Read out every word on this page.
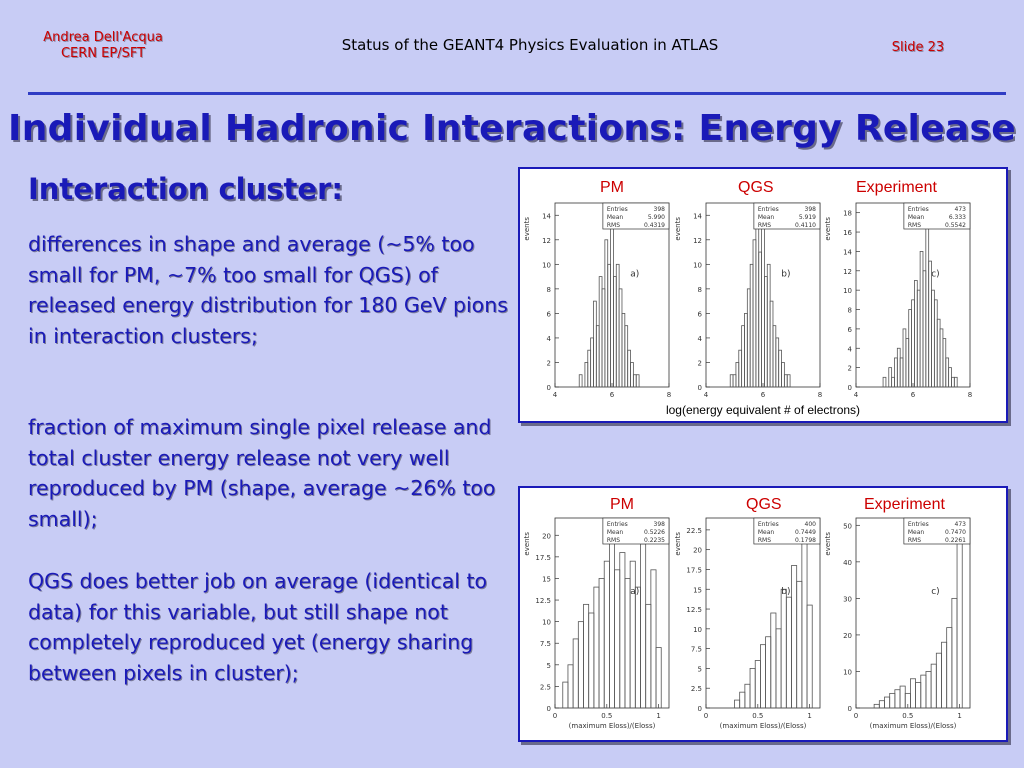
Andrea Dell'Acqua
CERN EP/SFT	Status of the GEANT4 Physics Evaluation in ATLAS	Slide 23
Individual Hadronic Interactions: Energy Release
Interaction cluster:
differences in shape and average (~5% too small for PM, ~7% too small for QGS) of released energy distribution for 180 GeV pions in interaction clusters;
fraction of maximum single pixel release and total cluster energy release not very well reproduced by PM (shape, average ~26% too small);
QGS does better job on average (identical to data) for this variable, but still shape not completely reproduced yet (energy sharing between pixels in cluster);
0
2
4
6
8
10
12
14
4	6	8
events
Entries	398
Mean	5.990
RMS	0.4319
a)
0
2
4
6
8
10
12
14
4	6	8
events
Entries	398
Mean	5.919
RMS	0.4110
b)
0
2
4
6
8
10
12
14
16
18
4	6	8
events
Entries	473
Mean	6.333
RMS	0.5542
c)
PM	QGS	Experiment
log(energy equivalent # of electrons)
0
2.5
5
7.5
10
12.5
15
17.5
20
0	0.5	1
events
(maximum Eloss)/(Eloss)
Entries	398
Mean	0.5226
RMS	0.2235
a)
0
2.5
5
7.5
10
12.5
15
17.5
20
22.5
0	0.5	1
events
(maximum Eloss)/(Eloss)
Entries	400
Mean	0.7449
RMS	0.1798
b)
0
10
20
30
40
50
0	0.5	1
events
(maximum Eloss)/(Eloss)
Entries	473
Mean	0.7470
RMS	0.2261
c)
PM	QGS	Experiment
